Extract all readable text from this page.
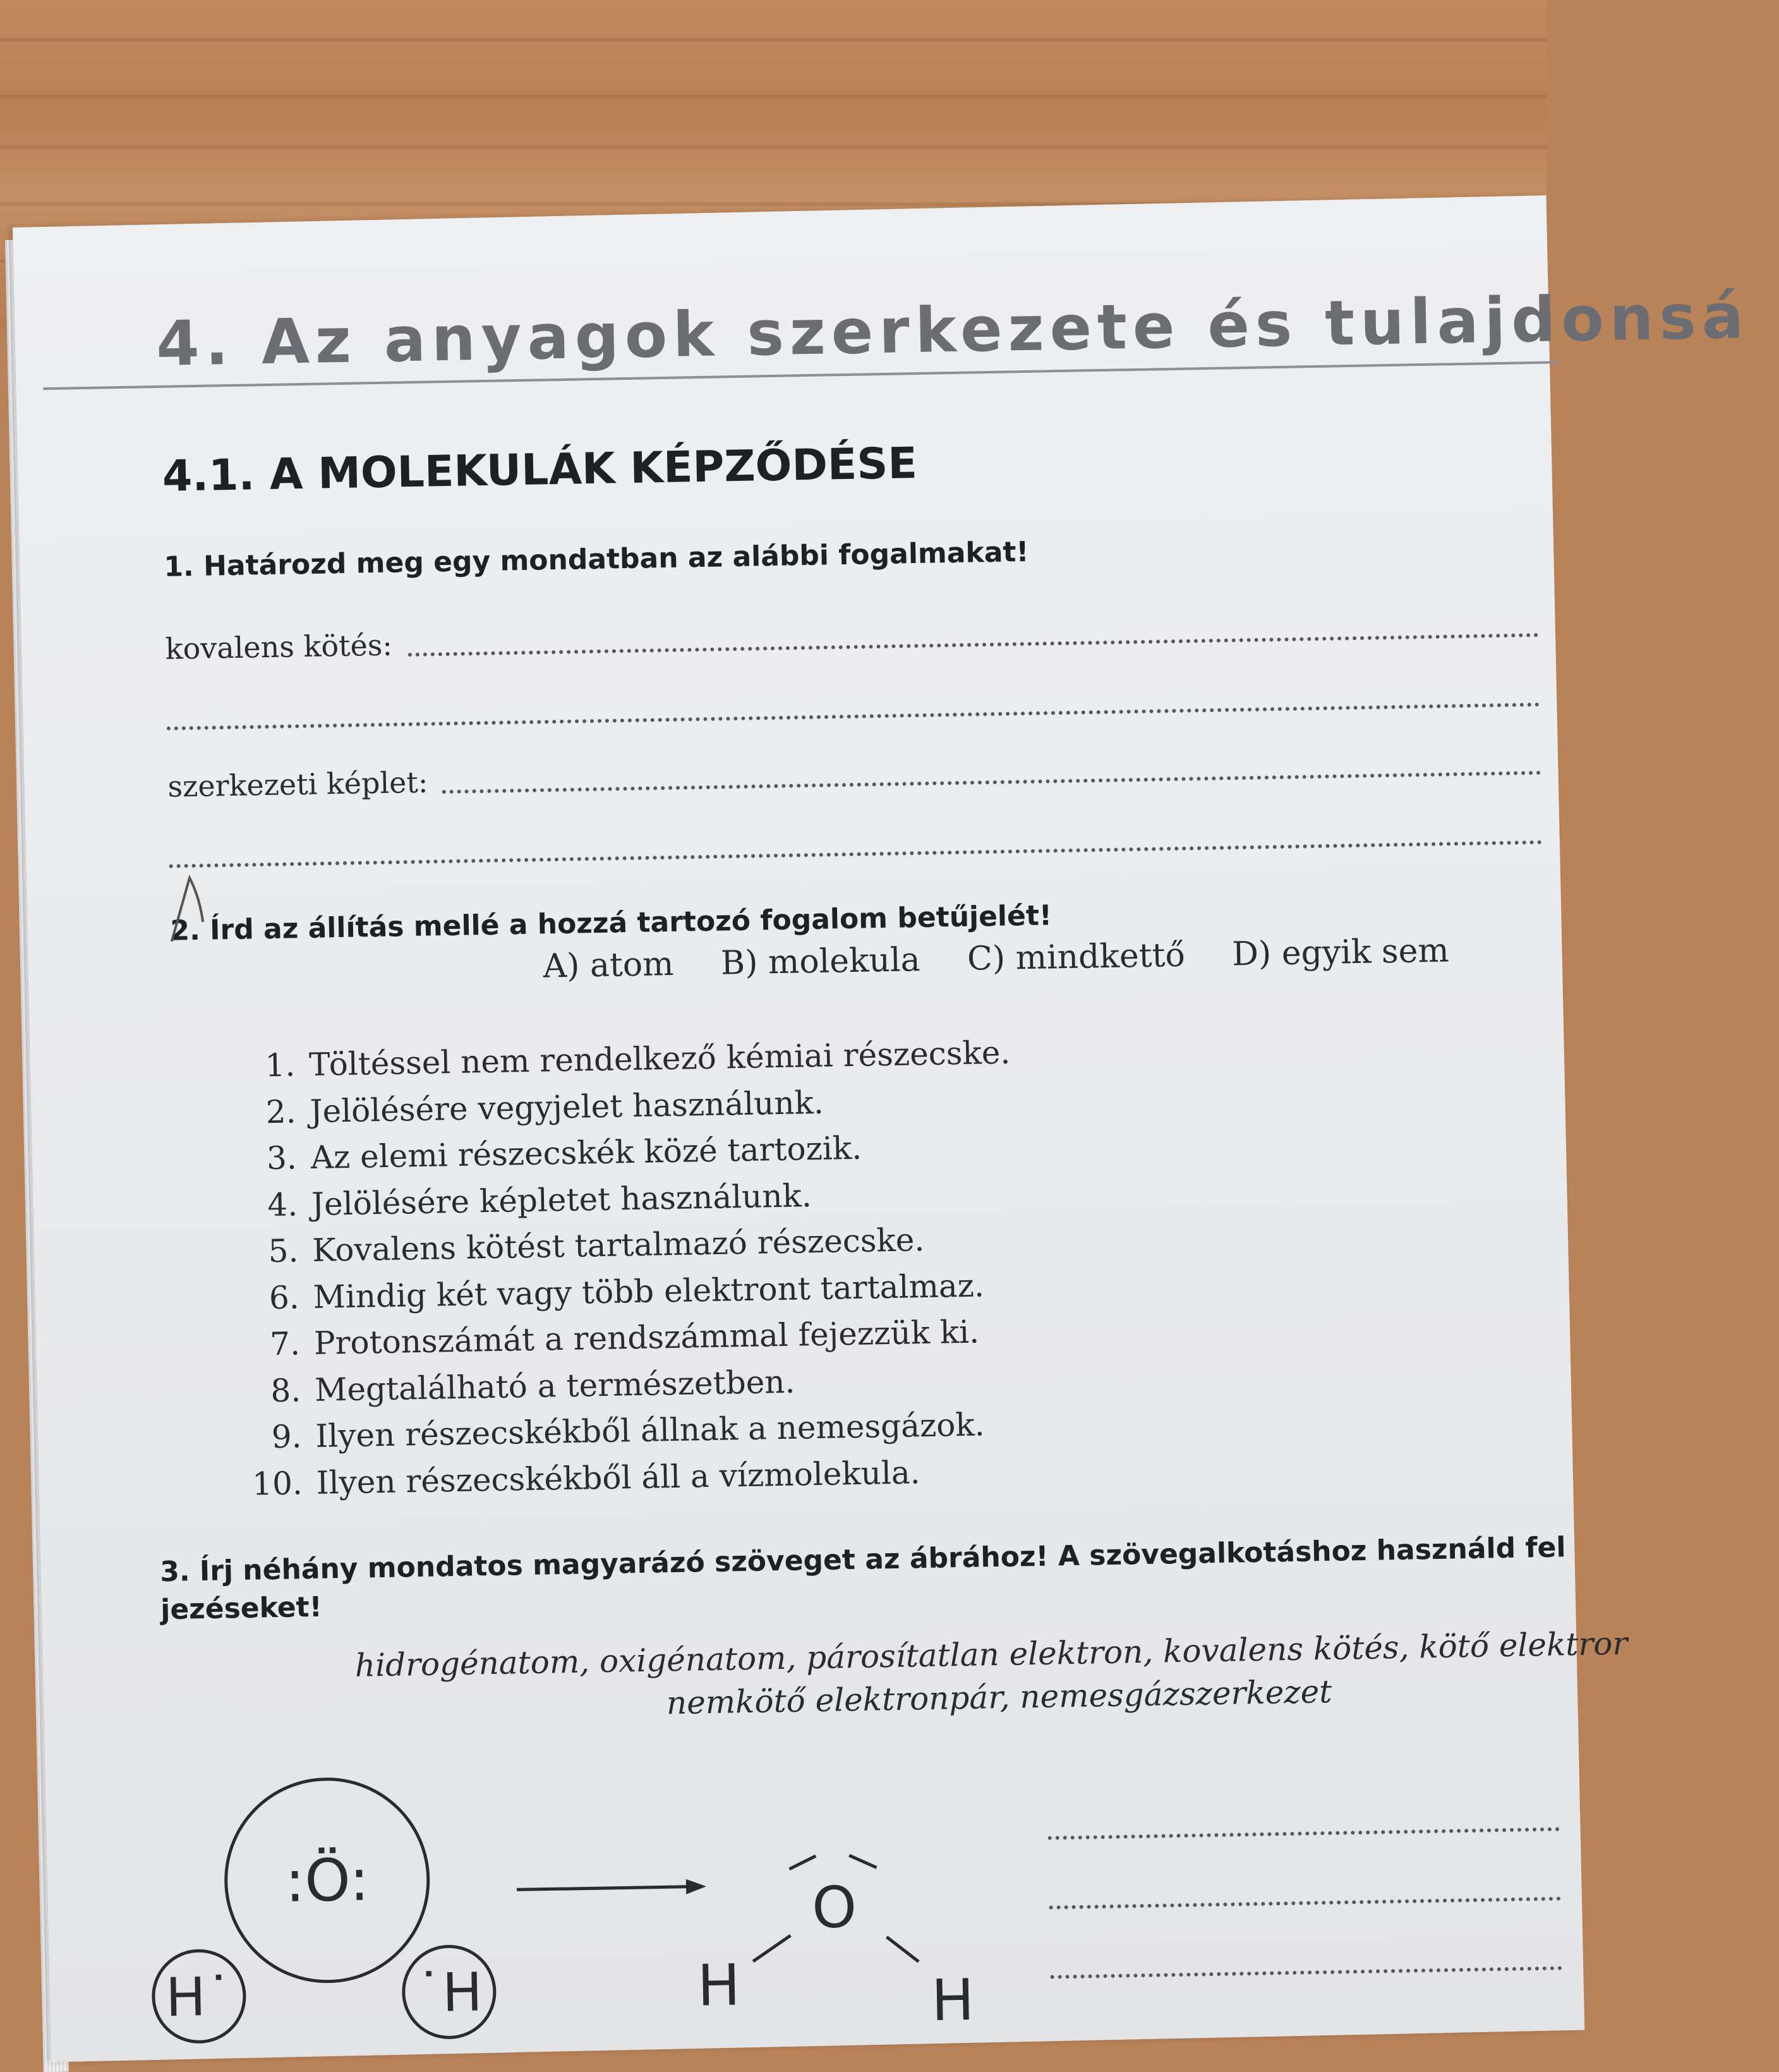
4. Az anyagok szerkezete és tulajdonsá
4.1. A MOLEKULÁK KÉPZŐDÉSE
1. Határozd meg egy mondatban az alábbi fogalmakat!
kovalens kötés:
szerkezeti képlet:
2. Írd az állítás mellé a hozzá tartozó fogalom betűjelét!
A) atom B) molekula C) mindkettő D) egyik sem
1. Töltéssel nem rendelkező kémiai részecske.
2. Jelölésére vegyjelet használunk.
3. Az elemi részecskék közé tartozik.
4. Jelölésére képletet használunk.
5. Kovalens kötést tartalmazó részecske.
6. Mindig két vagy több elektront tartalmaz.
7. Protonszámát a rendszámmal fejezzük ki.
8. Megtalálható a természetben.
9. Ilyen részecskékből állnak a nemesgázok.
10. Ilyen részecskékből áll a vízmolekula.
3. Írj néhány mondatos magyarázó szöveget az ábrához! A szövegalkotáshoz használd fel
jezéseket!
hidrogénatom, oxigénatom, párosítatlan elektron, kovalens kötés, kötő elektror
nemkötő elektronpár, nemesgázszerkezet
:Ö:
H˙	˙H
O
H	H
